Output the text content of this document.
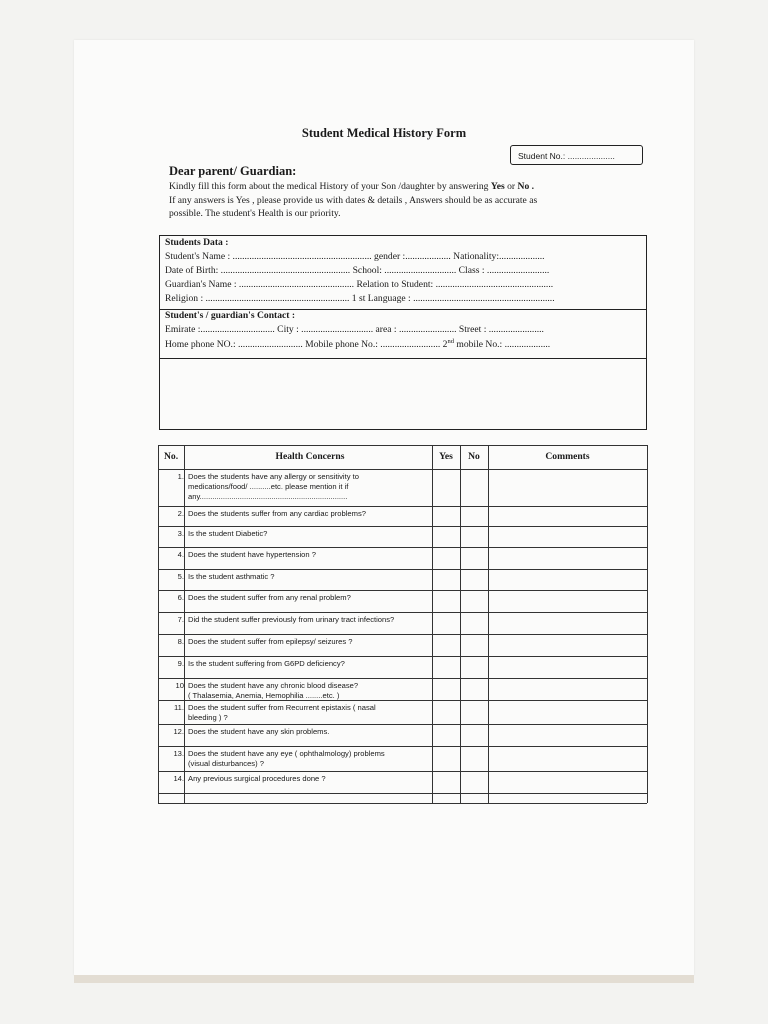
Student Medical History Form
Student No.: ....................
Dear parent/ Guardian:
Kindly fill this form about the medical History of your Son /daughter by answering Yes or No .
If any answers is Yes , please provide us with dates & details , Answers should be as accurate as
possible. The student's Health is our priority.
Students Data :
Student's Name : .......................................................... gender :................... Nationality:...................
Date of Birth: ...................................................... School: .............................. Class : ..........................
Guardian's Name : ................................................ Relation to Student: .................................................
Religion : ............................................................ 1 st Language : ...........................................................
Student's / guardian's Contact :
Emirate :............................... City : .............................. area : ........................ Street : .......................
Home phone NO.: ........................... Mobile phone No.: ......................... 2nd mobile No.: ...................
No.	Health Concerns	Yes	No	Comments
1. Does the students have any allergy or sensitivity to
medications/food/ ..........etc. please mention it if
any......................................................................
2. Does the students suffer from any cardiac problems?
3. Is the student Diabetic?
4. Does the student have hypertension ?
5. Is the student asthmatic ?
6. Does the student suffer from any renal problem?
7. Did the student suffer previously from urinary tract infections?
8. Does the student suffer from epilepsy/ seizures ?
9. Is the student suffering from G6PD deficiency?
10 Does the student have any chronic blood disease?
( Thalasemia, Anemia, Hemophilia ........etc. )
11. Does the student suffer from Recurrent epistaxis ( nasal
bleeding ) ?
12. Does the student have any skin problems.
13. Does the student have any eye ( ophthalmology) problems
(visual disturbances) ?
14. Any previous surgical procedures done ?
